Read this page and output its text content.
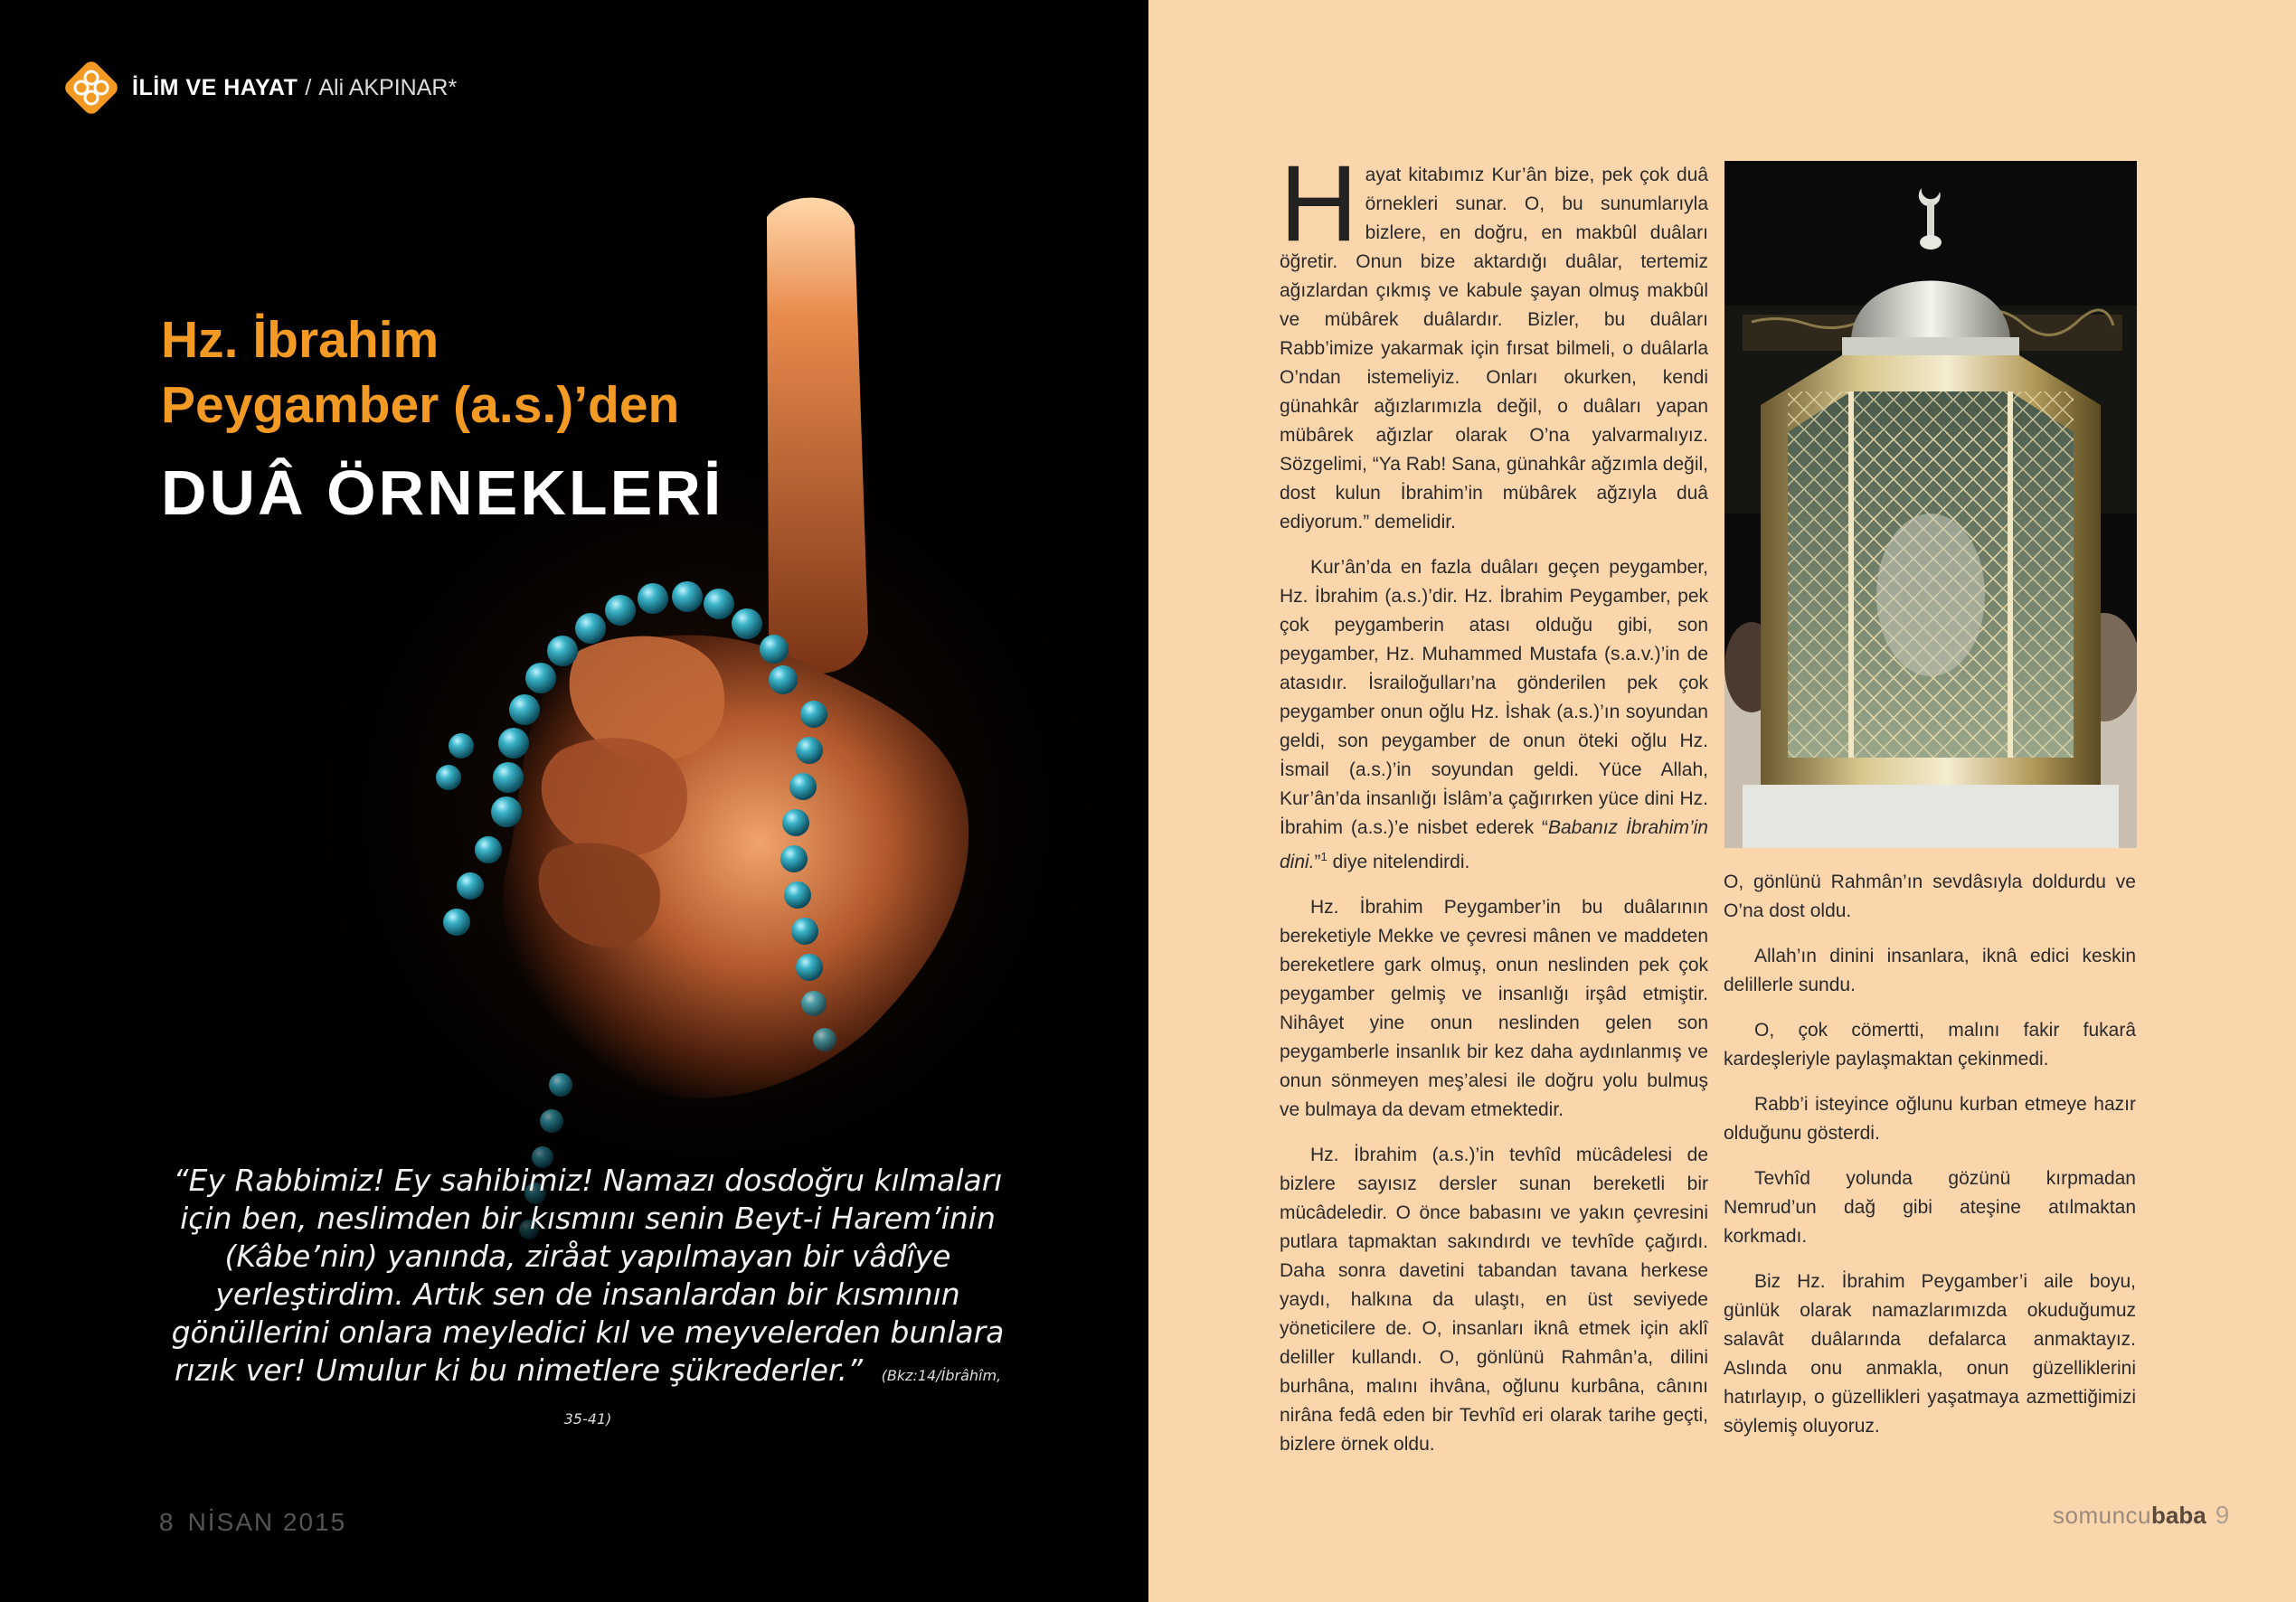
İLİM VE HAYAT / Ali AKPINAR*
Hz. İbrahim
Peygamber (a.s.)’den
DUÂ ÖRNEKLERİ
“Ey Rabbimiz! Ey sahibimiz! Namazı dosdoğru kılmaları için ben, neslimden bir kısmını senin Beyt-i Harem’inin (Kâbe’nin) yanında, ziråat yapılmayan bir vâdîye yerleştirdim. Artık sen de insanlardan bir kısmının gönüllerini onlara meyledici kıl ve meyvelerden bunlara rızık ver! Umulur ki bu nimetlere şükrederler.” (Bkz:14/İbrâhîm, 35-41)
8 NİSAN 2015

Hayat kitabımız Kur’ân bize, pek çok duâ örnekleri sunar. O, bu sunumlarıyla bizlere, en doğru, en makbûl duâları öğretir. Onun bize aktardığı duâlar, tertemiz ağızlardan çıkmış ve kabule şayan olmuş makbûl ve mübârek duâlardır. Bizler, bu duâları Rabb’imize yakarmak için fırsat bilmeli, o duâlarla O’ndan istemeliyiz. Onları okurken, kendi günahkâr ağızlarımızla değil, o duâları yapan mübârek ağızlar olarak O’na yalvarmalıyız. Sözgelimi, “Ya Rab! Sana, günahkâr ağzımla değil, dost kulun İbrahim’in mübârek ağzıyla duâ ediyorum.” demelidir.

Kur’ân’da en fazla duâları geçen peygamber, Hz. İbrahim (a.s.)’dir. Hz. İbrahim Peygamber, pek çok peygamberin atası olduğu gibi, son peygamber, Hz. Muhammed Mustafa (s.a.v.)’in de atasıdır. İsrailoğulları’na gönderilen pek çok peygamber onun oğlu Hz. İshak (a.s.)’ın soyundan geldi, son peygamber de onun öteki oğlu Hz. İsmail (a.s.)’in soyundan geldi. Yüce Allah, Kur’ân’da insanlığı İslâm’a çağırırken yüce dini Hz. İbrahim (a.s.)’e nisbet ederek “Babanız İbrahim’in dini.”$^1$ diye nitelendirdi.

Hz. İbrahim Peygamber’in bu duâlarının bereketiyle Mekke ve çevresi mânen ve maddeten bereketlere gark olmuş, onun neslinden pek çok peygamber gelmiş ve insanlığı irşâd etmiştir. Nihâyet yine onun neslinden gelen son peygamberle insanlık bir kez daha aydınlanmış ve onun sönmeyen meş’alesi ile doğru yolu bulmuş ve bulmaya da devam etmektedir.

Hz. İbrahim (a.s.)’in tevhîd mücâdelesi de bizlere sayısız dersler sunan bereketli bir mücâdeledir. O önce babasını ve yakın çevresini putlara tapmaktan sakındırdı ve tevhîde çağırdı. Daha sonra davetini tabandan tavana herkese yaydı, halkına da ulaştı, en üst seviyede yöneticilere de. O, insanları iknâ etmek için aklî deliller kullandı. O, gönlünü Rahmân’a, dilini burhâna, malını ihvâna, oğlunu kurbâna, cânını nirâna fedâ eden bir Tevhîd eri olarak tarihe geçti, bizlere örnek oldu.

O, gönlünü Rahmân’ın sevdâsıyla doldurdu ve O’na dost oldu.

Allah’ın dinini insanlara, iknâ edici keskin delillerle sundu.

O, çok cömertti, malını fakir fukarâ kardeşleriyle paylaşmaktan çekinmedi.

Rabb’i isteyince oğlunu kurban etmeye hazır olduğunu gösterdi.

Tevhîd yolunda gözünü kırpmadan Nemrud’un dağ gibi ateşine atılmaktan korkmadı.

Biz Hz. İbrahim Peygamber’i aile boyu, günlük olarak namazlarımızda okuduğumuz salavât duâlarında defalarca anmaktayız. Aslında onu anmakla, onun güzelliklerini hatırlayıp, o güzellikleri yaşatmaya azmettiğimizi söylemiş oluyoruz.

somuncu baba 9
